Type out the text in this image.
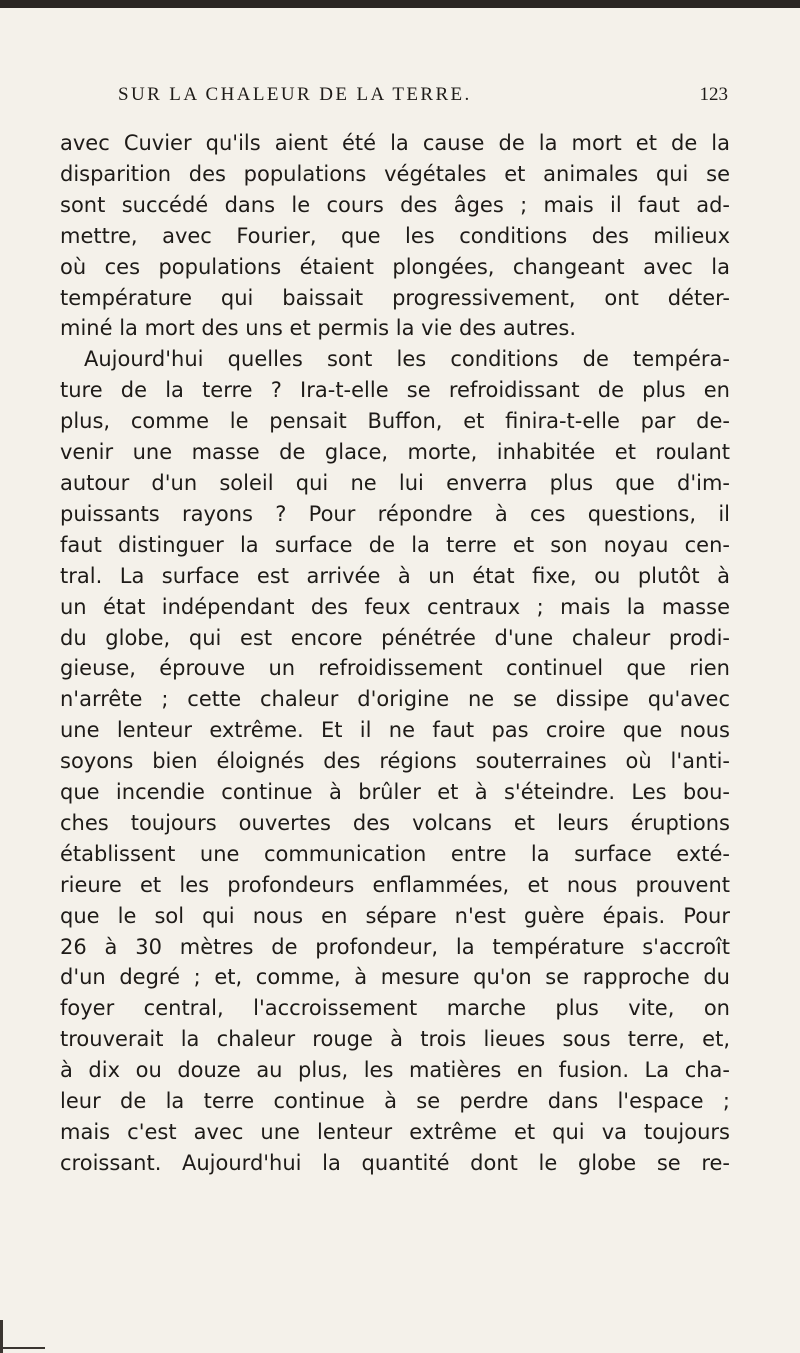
SUR LA CHALEUR DE LA TERRE.	123
avec Cuvier qu'ils aient été la cause de la mort et de la
disparition des populations végétales et animales qui se
sont succédé dans le cours des âges ; mais il faut ad-
mettre, avec Fourier, que les conditions des milieux
où ces populations étaient plongées, changeant avec la
température qui baissait progressivement, ont déter-
miné la mort des uns et permis la vie des autres.
Aujourd'hui quelles sont les conditions de tempéra-
ture de la terre ? Ira-t-elle se refroidissant de plus en
plus, comme le pensait Buffon, et finira-t-elle par de-
venir une masse de glace, morte, inhabitée et roulant
autour d'un soleil qui ne lui enverra plus que d'im-
puissants rayons ? Pour répondre à ces questions, il
faut distinguer la surface de la terre et son noyau cen-
tral. La surface est arrivée à un état fixe, ou plutôt à
un état indépendant des feux centraux ; mais la masse
du globe, qui est encore pénétrée d'une chaleur prodi-
gieuse, éprouve un refroidissement continuel que rien
n'arrête ; cette chaleur d'origine ne se dissipe qu'avec
une lenteur extrême. Et il ne faut pas croire que nous
soyons bien éloignés des régions souterraines où l'anti-
que incendie continue à brûler et à s'éteindre. Les bou-
ches toujours ouvertes des volcans et leurs éruptions
établissent une communication entre la surface exté-
rieure et les profondeurs enflammées, et nous prouvent
que le sol qui nous en sépare n'est guère épais. Pour
26 à 30 mètres de profondeur, la température s'accroît
d'un degré ; et, comme, à mesure qu'on se rapproche du
foyer central, l'accroissement marche plus vite, on
trouverait la chaleur rouge à trois lieues sous terre, et,
à dix ou douze au plus, les matières en fusion. La cha-
leur de la terre continue à se perdre dans l'espace ;
mais c'est avec une lenteur extrême et qui va toujours
croissant. Aujourd'hui la quantité dont le globe se re-
